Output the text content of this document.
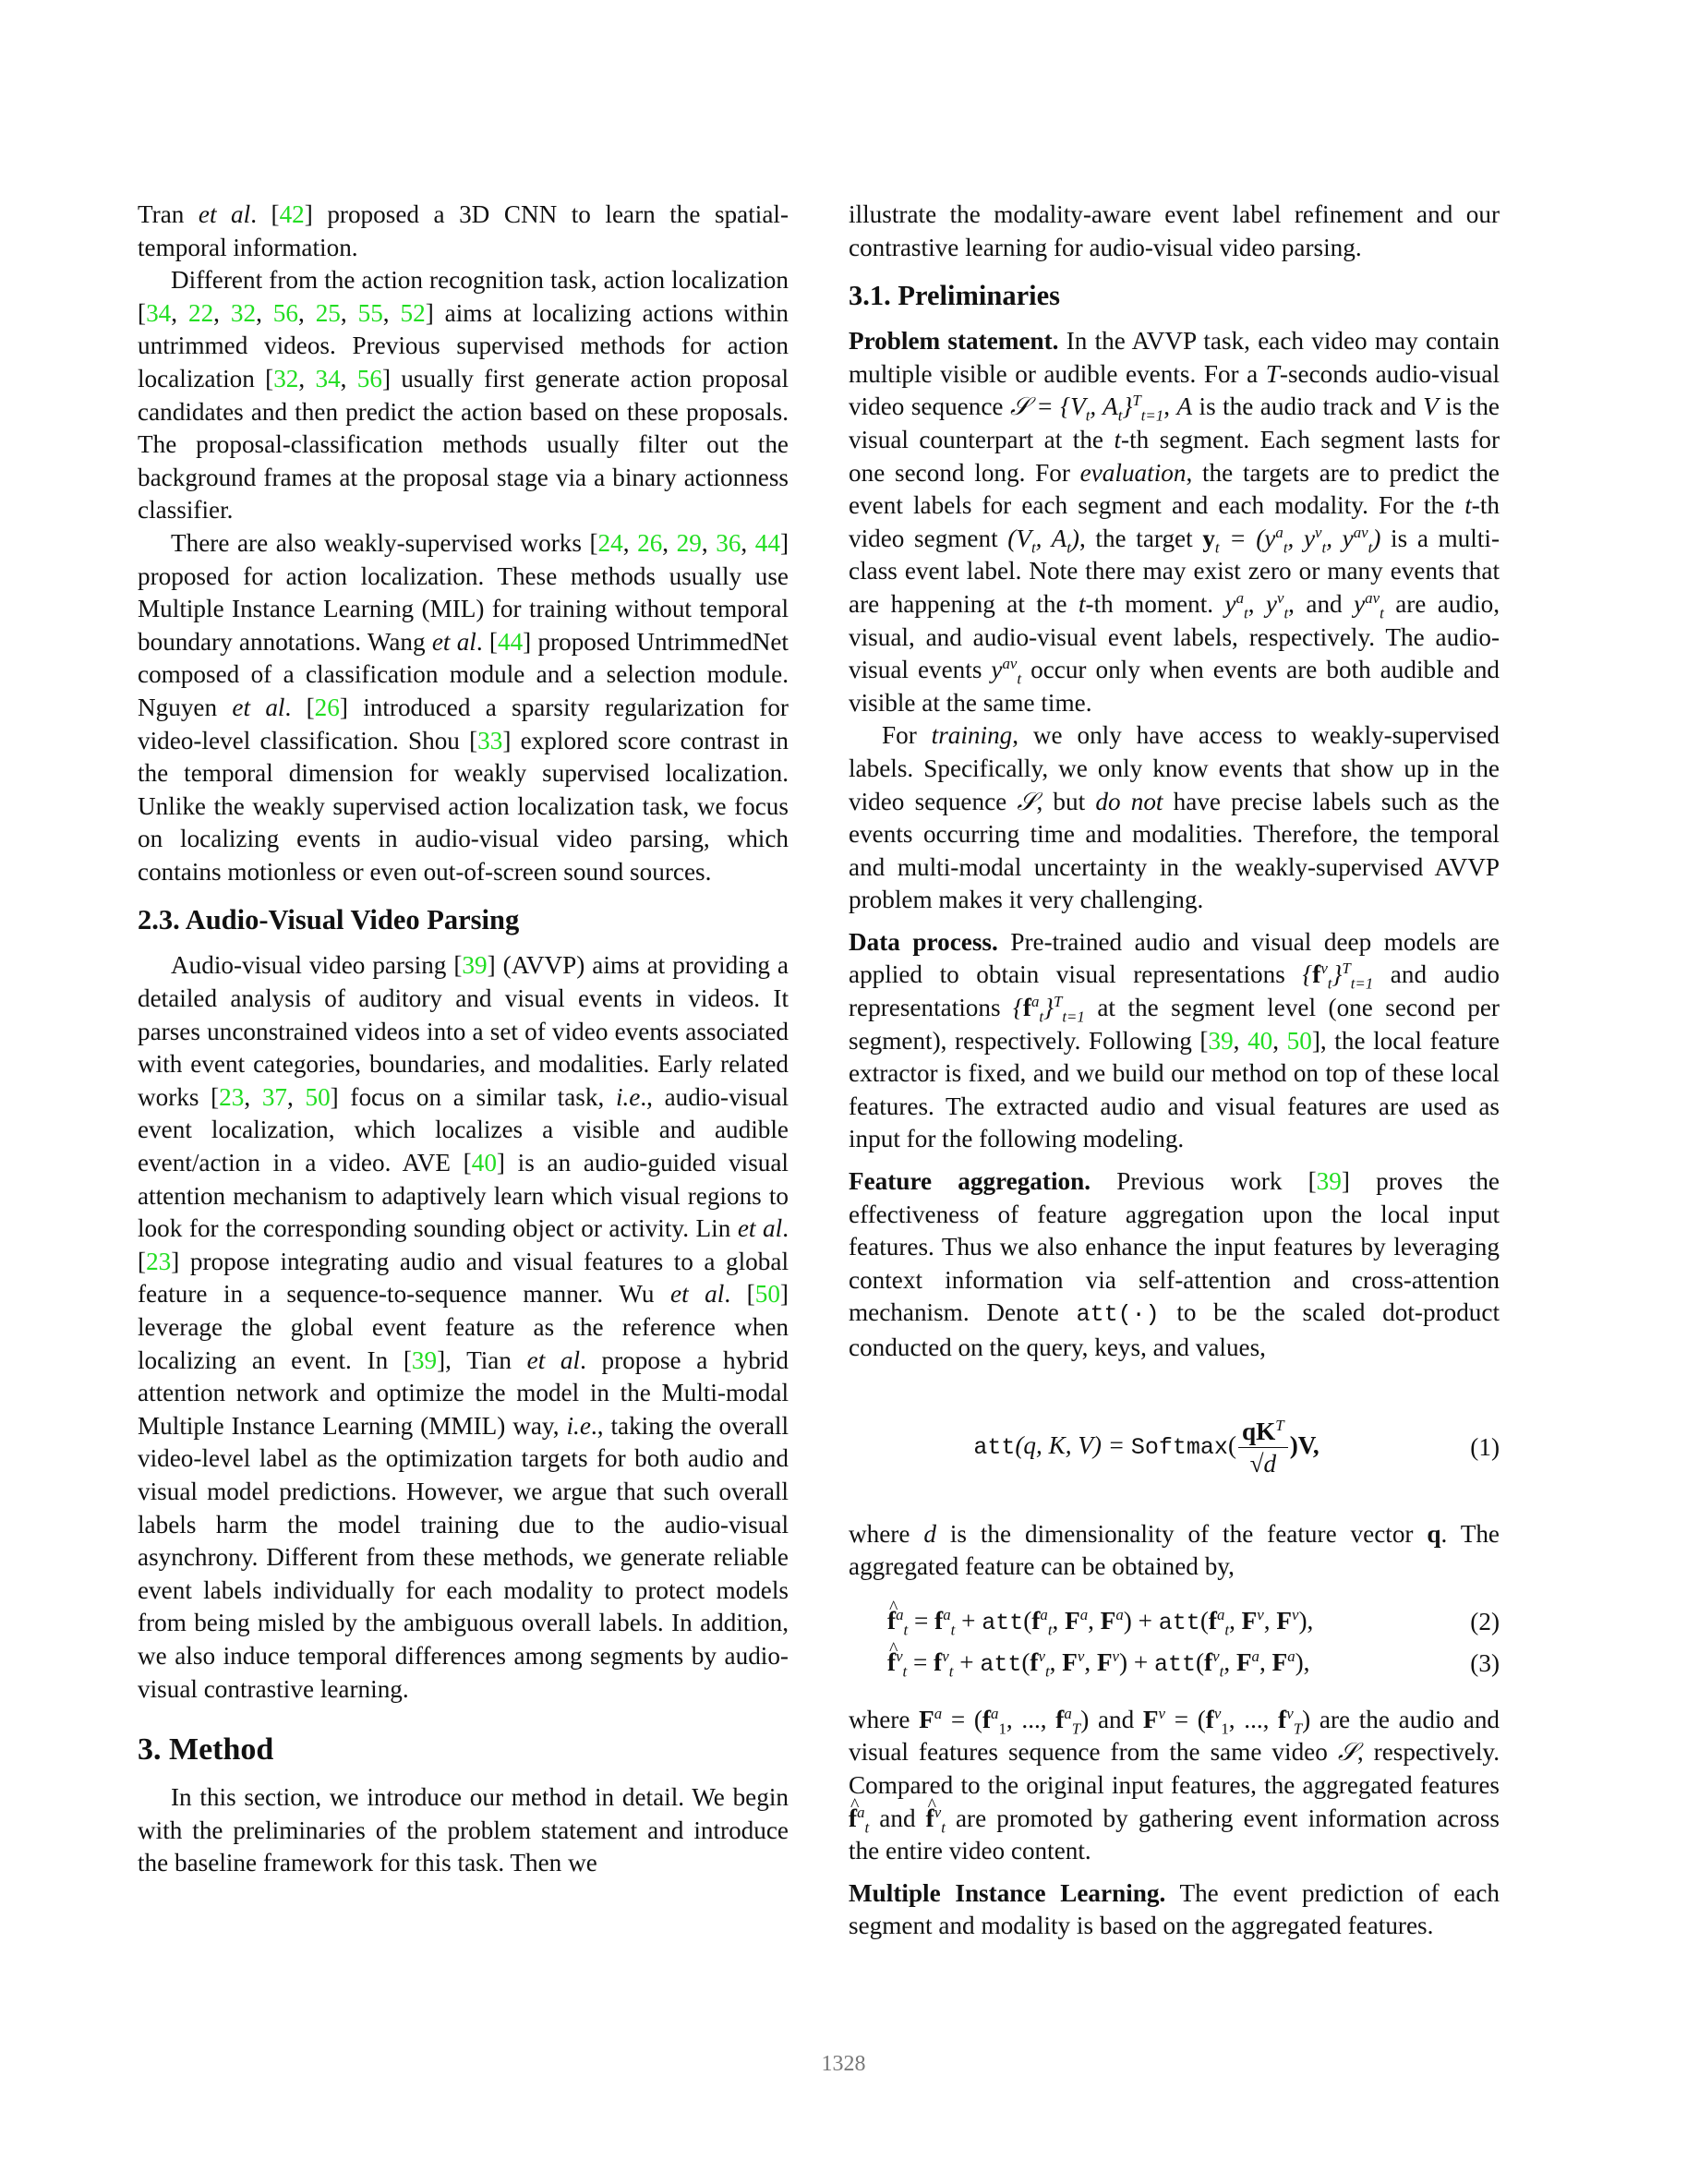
Tran et al. [42] proposed a 3D CNN to learn the spatial-temporal information.

Different from the action recognition task, action localization [34, 22, 32, 56, 25, 55, 52] aims at localizing actions within untrimmed videos. Previous supervised methods for action localization [32, 34, 56] usually first generate action proposal candidates and then predict the action based on these proposals. The proposal-classification methods usually filter out the background frames at the proposal stage via a binary actionness classifier.

There are also weakly-supervised works [24, 26, 29, 36, 44] proposed for action localization. These methods usually use Multiple Instance Learning (MIL) for training without temporal boundary annotations. Wang et al. [44] proposed UntrimmedNet composed of a classification module and a selection module. Nguyen et al. [26] introduced a sparsity regularization for video-level classification. Shou [33] explored score contrast in the temporal dimension for weakly supervised localization. Unlike the weakly supervised action localization task, we focus on localizing events in audio-visual video parsing, which contains motionless or even out-of-screen sound sources.

2.3. Audio-Visual Video Parsing

Audio-visual video parsing [39] (AVVP) aims at providing a detailed analysis of auditory and visual events in videos. It parses unconstrained videos into a set of video events associated with event categories, boundaries, and modalities. Early related works [23, 37, 50] focus on a similar task, i.e., audio-visual event localization, which localizes a visible and audible event/action in a video. AVE [40] is an audio-guided visual attention mechanism to adaptively learn which visual regions to look for the corresponding sounding object or activity. Lin et al. [23] propose integrating audio and visual features to a global feature in a sequence-to-sequence manner. Wu et al. [50] leverage the global event feature as the reference when localizing an event. In [39], Tian et al. propose a hybrid attention network and optimize the model in the Multi-modal Multiple Instance Learning (MMIL) way, i.e., taking the overall video-level label as the optimization targets for both audio and visual model predictions. However, we argue that such overall labels harm the model training due to the audio-visual asynchrony. Different from these methods, we generate reliable event labels individually for each modality to protect models from being misled by the ambiguous overall labels. In addition, we also induce temporal differences among segments by audio-visual contrastive learning.

3. Method

In this section, we introduce our method in detail. We begin with the preliminaries of the problem statement and introduce the baseline framework for this task. Then we

illustrate the modality-aware event label refinement and our contrastive learning for audio-visual video parsing.

3.1. Preliminaries

Problem statement. In the AVVP task, each video may contain multiple visible or audible events. For a T-seconds audio-visual video sequence 𝒮 = {$V_t$, $A_t\}^T_{t=1}$, A is the audio track and V is the visual counterpart at the t-th segment. Each segment lasts for one second long. For evaluation, the targets are to predict the event labels for each segment and each modality. For the t-th video segment ($V_t$, $A_t$), the target $y_t = (y^a_t$, $y^v_t$, $y^{av}_t$) is a multi-class event label. Note there may exist zero or many events that are happening at the t-th moment. $y^a_t$, $y^v_t$, and $y^{av}_t$ are audio, visual, and audio-visual event labels, respectively. The audio-visual events $y^{av}_t$ occur only when events are both audible and visible at the same time.

For training, we only have access to weakly-supervised labels. Specifically, we only know events that show up in the video sequence 𝒮, but do not have precise labels such as the events occurring time and modalities. Therefore, the temporal and multi-modal uncertainty in the weakly-supervised AVVP problem makes it very challenging.

Data process. Pre-trained audio and visual deep models are applied to obtain visual representations $\{f^v_t\}^T_{t=1}$ and audio representations $\{f^a_t\}^T_{t=1}$ at the segment level (one second per segment), respectively. Following [39, 40, 50], the local feature extractor is fixed, and we build our method on top of these local features. The extracted audio and visual features are used as input for the following modeling.

Feature aggregation. Previous work [39] proves the effectiveness of feature aggregation upon the local input features. Thus we also enhance the input features by leveraging context information via self-attention and cross-attention mechanism. Denote att(·) to be the scaled dot-product conducted on the query, keys, and values,

att(q, K, V) = Softmax( $\frac{qK^T}{√d} )V$,	(1)

where d is the dimensionality of the feature vector q. The aggregated feature can be obtained by,

^ $f^a_t = f^a_t + att(f^a_t$, $F^a$, $F^a) + att(f^a_t$, $F^v$, $F^v$),	(2)
^ $f^v_t = f^v_t + att(f^v_t$, $F^v$, $F^v) + att(f^v_t$, $F^a$, $F^a$),	(3)

where $F^a = (f^a_1$, ..., $f^a_T$) and $F^v = (f^v_1$, ..., $f^v_T$) are the audio and visual features sequence from the same video 𝒮, respectively. Compared to the original input features, the aggregated features ^ $f^a_t$ and ^ $f^v_t$ are promoted by gathering event information across the entire video content.

Multiple Instance Learning. The event prediction of each segment and modality is based on the aggregated features.

1328
